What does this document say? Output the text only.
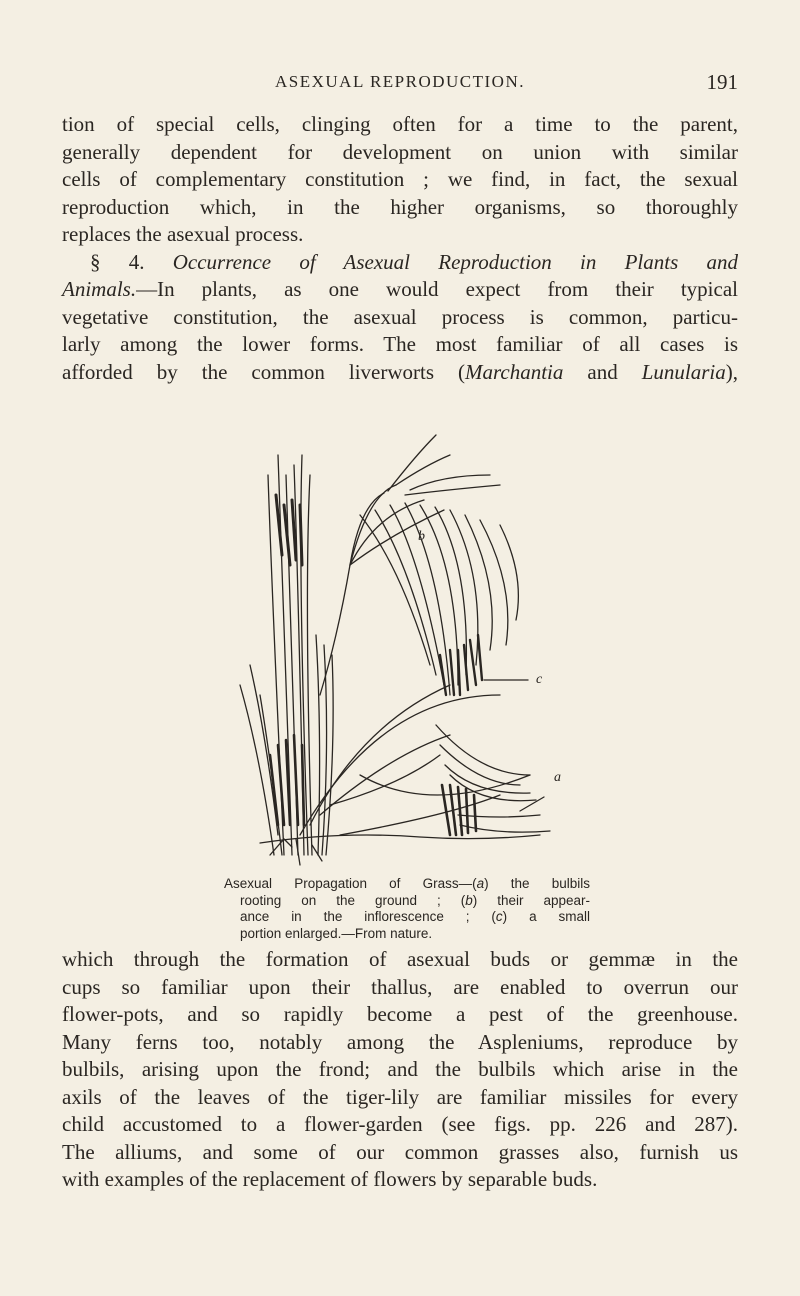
ASEXUAL REPRODUCTION.	191
tion of special cells, clinging often for a time to the parent,
generally dependent for development on union with similar
cells of complementary constitution ; we find, in fact, the sexual
reproduction which, in the higher organisms, so thoroughly
replaces the asexual process.
§ 4. Occurrence of Asexual Reproduction in Plants and
Animals.—In plants, as one would expect from their typical
vegetative constitution, the asexual process is common, particu-
larly among the lower forms. The most familiar of all cases is
afforded by the common liverworts (Marchantia and Lunularia),
b
c
a
Asexual Propagation of Grass—(a) the bulbils
rooting on the ground ; (b) their appear-
ance in the inflorescence ; (c) a small
portion enlarged.—From nature.
which through the formation of asexual buds or gemmæ in the
cups so familiar upon their thallus, are enabled to overrun our
flower-pots, and so rapidly become a pest of the greenhouse.
Many ferns too, notably among the Aspleniums, reproduce by
bulbils, arising upon the frond; and the bulbils which arise in the
axils of the leaves of the tiger-lily are familiar missiles for every
child accustomed to a flower-garden (see figs. pp. 226 and 287).
The alliums, and some of our common grasses also, furnish us
with examples of the replacement of flowers by separable buds.
